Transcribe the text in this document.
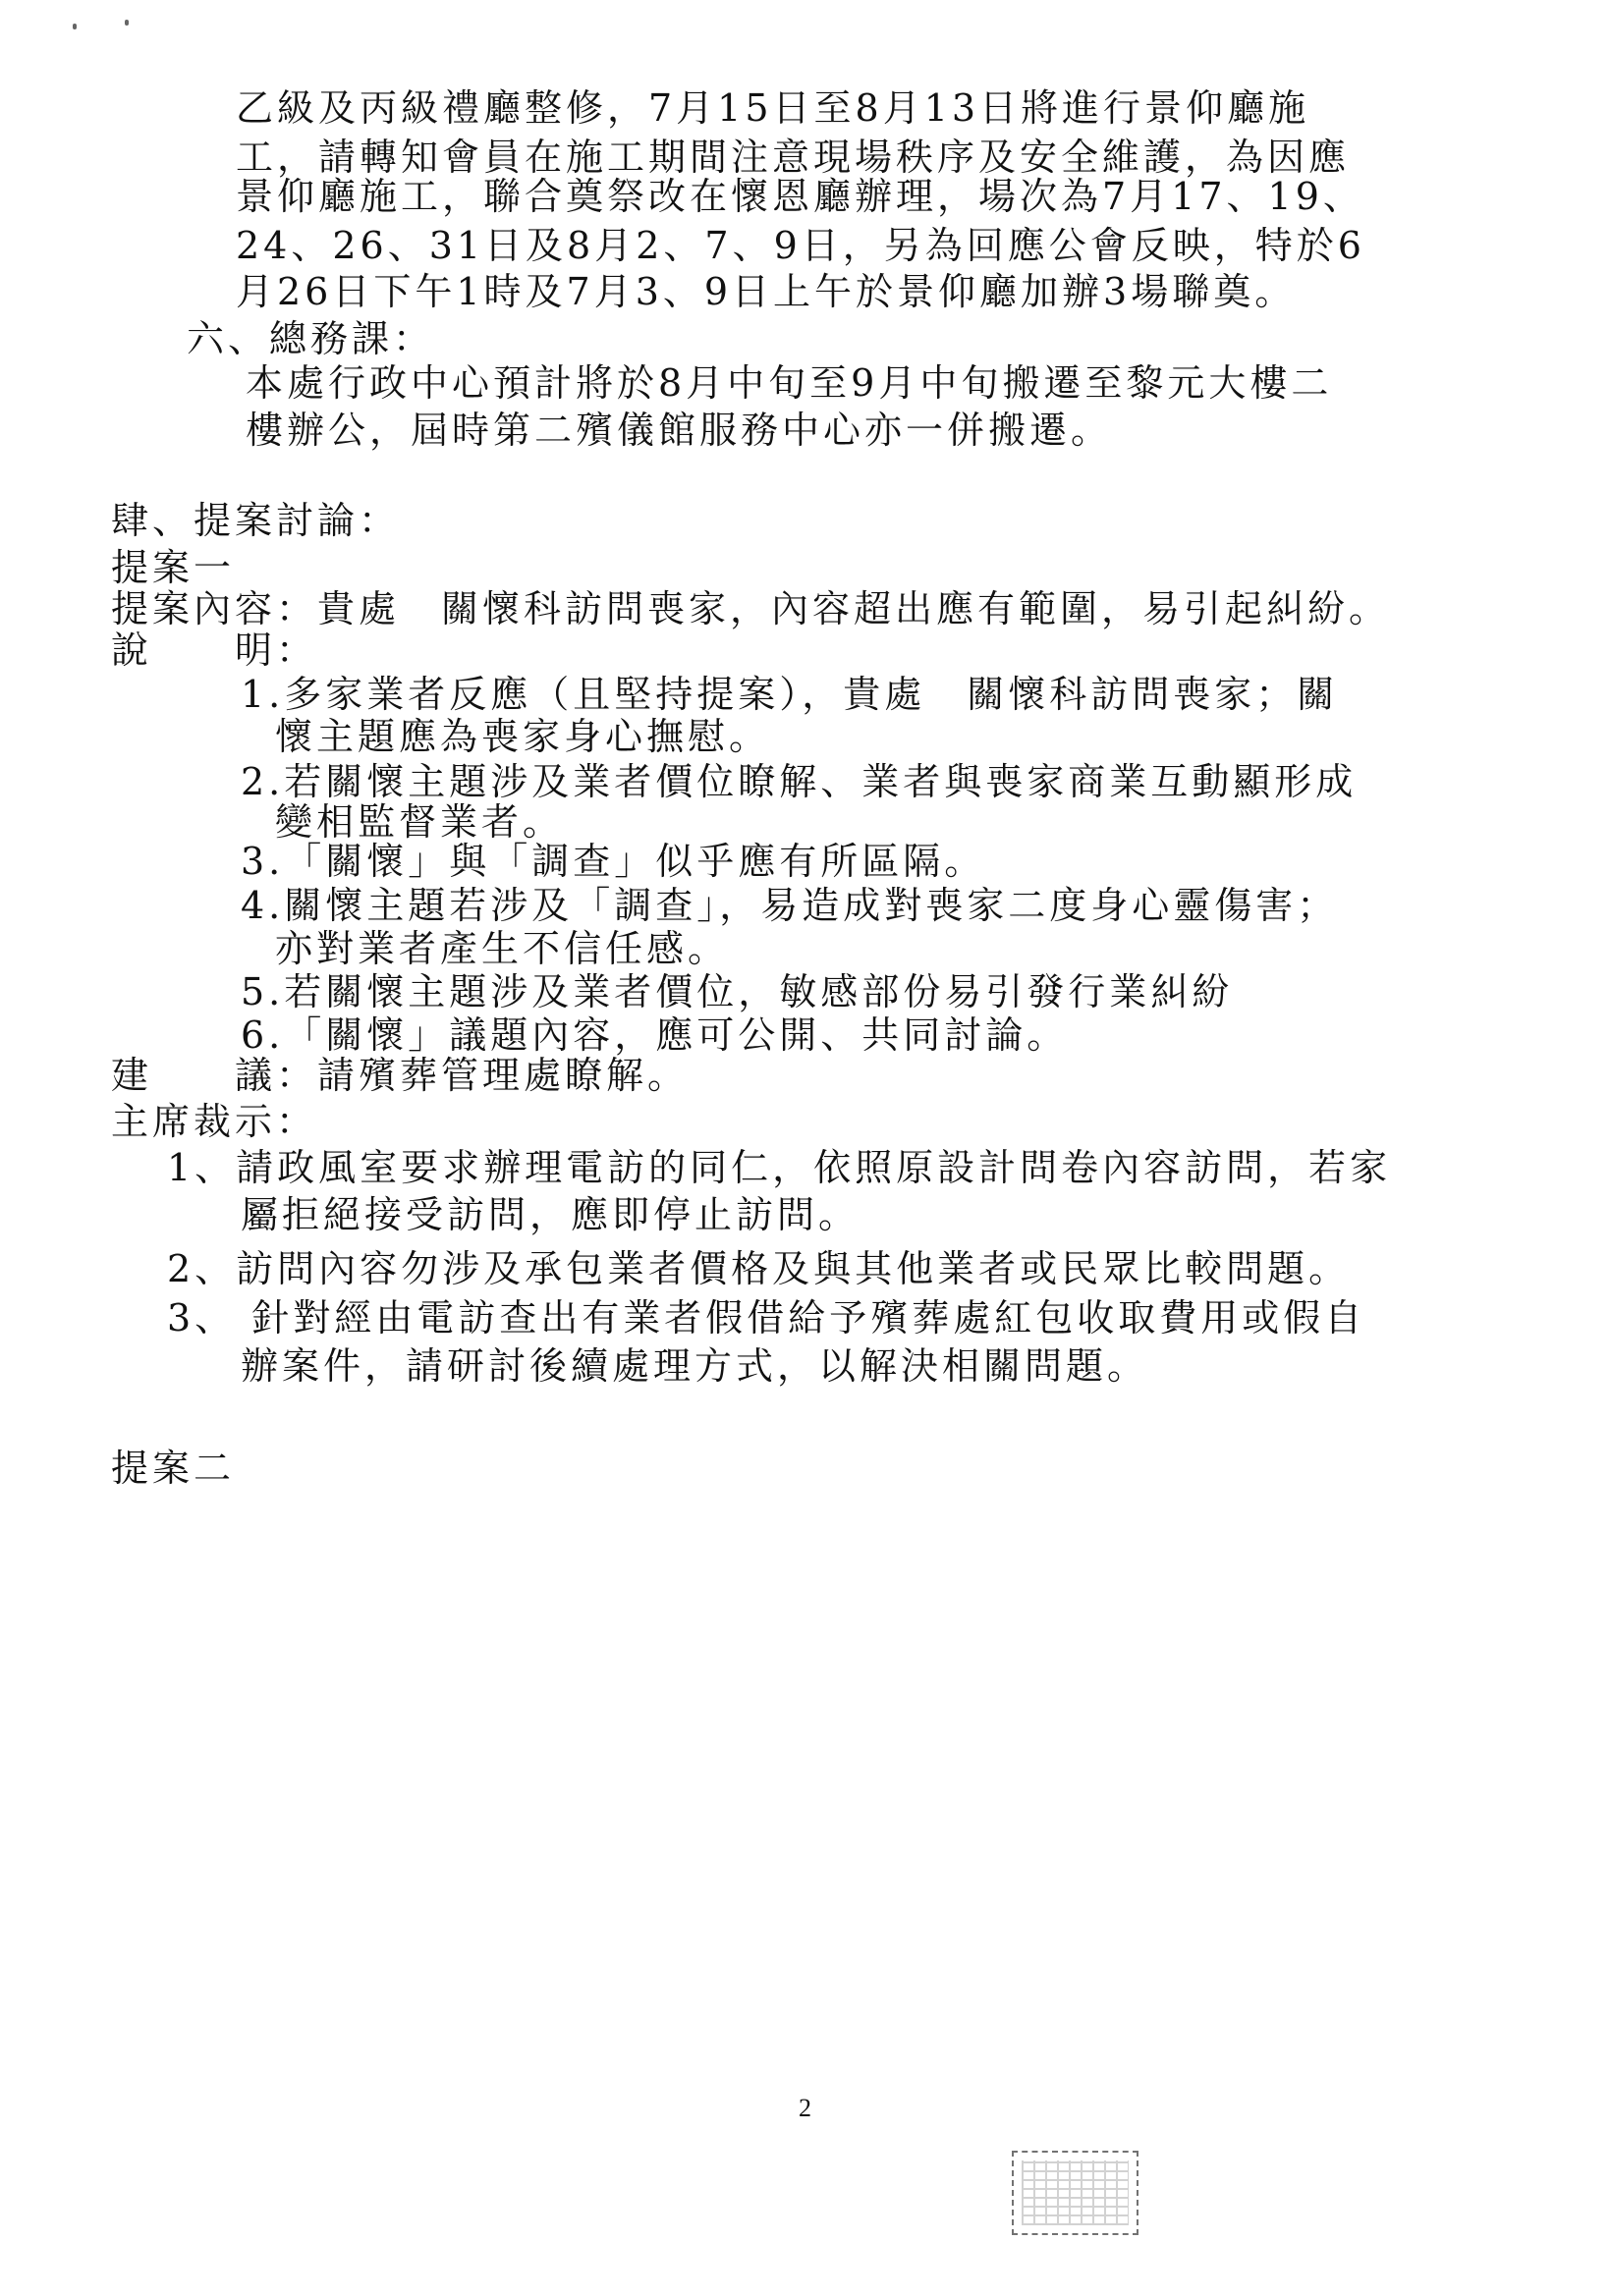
乙級及丙級禮廳整修，7月15日至8月13日將進行景仰廳施
工，請轉知會員在施工期間注意現場秩序及安全維護，為因應
景仰廳施工，聯合奠祭改在懷恩廳辦理，場次為7月17、19、
24、26、31日及8月2、7、9日，另為回應公會反映，特於6
月26日下午1時及7月3、9日上午於景仰廳加辦3場聯奠。
六、總務課：
本處行政中心預計將於8月中旬至9月中旬搬遷至黎元大樓二
樓辦公，屆時第二殯儀館服務中心亦一併搬遷。
肆、提案討論：
提案一
提案內容：貴處　關懷科訪問喪家，內容超出應有範圍，易引起糾紛。
說　　明：
1.多家業者反應（且堅持提案），貴處　關懷科訪問喪家；關
懷主題應為喪家身心撫慰。
2.若關懷主題涉及業者價位瞭解、業者與喪家商業互動顯形成
變相監督業者。
3.「關懷」與「調查」似乎應有所區隔。
4.關懷主題若涉及「調查」，易造成對喪家二度身心靈傷害；
亦對業者產生不信任感。
5.若關懷主題涉及業者價位，敏感部份易引發行業糾紛
6.「關懷」議題內容，應可公開、共同討論。
建　　議：請殯葬管理處瞭解。
主席裁示：
1、請政風室要求辦理電訪的同仁，依照原設計問卷內容訪問，若家
屬拒絕接受訪問，應即停止訪問。
2、訪問內容勿涉及承包業者價格及與其他業者或民眾比較問題。
3、 針對經由電訪查出有業者假借給予殯葬處紅包收取費用或假自
辦案件，請研討後續處理方式，以解決相關問題。
提案二
2
